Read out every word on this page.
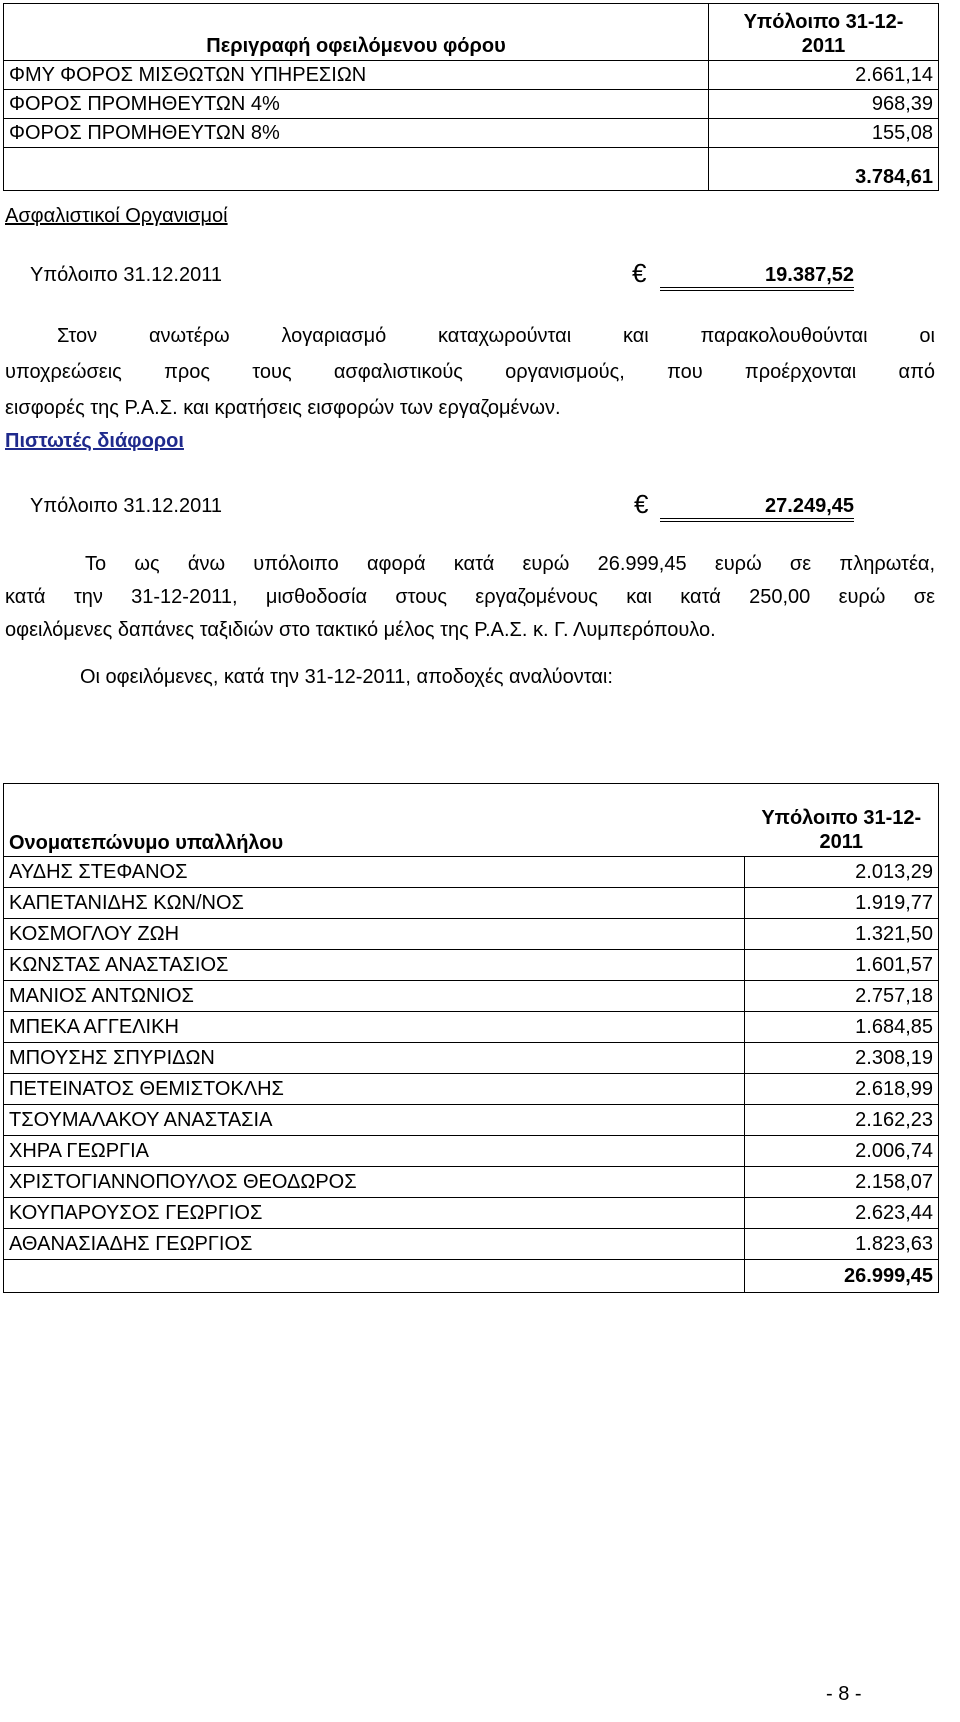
Περιγραφή οφειλόμενου φόρου	Υπόλοιπο 31-12-
2011
ΦΜΥ ΦΟΡΟΣ ΜΙΣΘΩΤΩΝ ΥΠΗΡΕΣΙΩΝ	2.661,14
ΦΟΡΟΣ ΠΡΟΜΗΘΕΥΤΩΝ 4%	968,39
ΦΟΡΟΣ ΠΡΟΜΗΘΕΥΤΩΝ 8%	155,08
	3.784,61
Ασφαλιστικοί Οργανισμοί
Υπόλοιπο 31.12.2011	€	19.387,52
Στον ανωτέρω λογαριασμό καταχωρούνται και παρακολουθούνται οι
υποχρεώσεις προς τους ασφαλιστικούς οργανισμούς, που προέρχονται από
εισφορές της Ρ.Α.Σ. και κρατήσεις εισφορών των εργαζομένων.
Πιστωτές διάφοροι
Υπόλοιπο 31.12.2011	€	27.249,45
Το ως άνω υπόλοιπο αφορά κατά ευρώ 26.999,45 ευρώ σε πληρωτέα,
κατά την 31-12-2011, μισθοδοσία στους εργαζομένους και κατά 250,00 ευρώ σε
οφειλόμενες δαπάνες ταξιδιών στο τακτικό μέλος της Ρ.Α.Σ. κ. Γ. Λυμπερόπουλο.
Οι οφειλόμενες, κατά την 31-12-2011, αποδοχές αναλύονται:
Ονοματεπώνυμο υπαλλήλου	Υπόλοιπο 31-12-
2011
ΑΥΔΗΣ ΣΤΕΦΑΝΟΣ	2.013,29
ΚΑΠΕΤΑΝΙΔΗΣ ΚΩΝ/ΝΟΣ	1.919,77
ΚΟΣΜΟΓΛΟΥ ΖΩΗ	1.321,50
ΚΩΝΣΤΑΣ ΑΝΑΣΤΑΣΙΟΣ	1.601,57
ΜΑΝΙΟΣ ΑΝΤΩΝΙΟΣ	2.757,18
ΜΠΕΚΑ ΑΓΓΕΛΙΚΗ	1.684,85
ΜΠΟΥΣΗΣ ΣΠΥΡΙΔΩΝ	2.308,19
ΠΕΤΕΙΝΑΤΟΣ ΘΕΜΙΣΤΟΚΛΗΣ	2.618,99
ΤΣΟΥΜΑΛΑΚΟΥ ΑΝΑΣΤΑΣΙΑ	2.162,23
ΧΗΡΑ ΓΕΩΡΓΙΑ	2.006,74
ΧΡΙΣΤΟΓΙΑΝΝΟΠΟΥΛΟΣ ΘΕΟΔΩΡΟΣ	2.158,07
ΚΟΥΠΑΡΟΥΣΟΣ ΓΕΩΡΓΙΟΣ	2.623,44
ΑΘΑΝΑΣΙΑΔΗΣ ΓΕΩΡΓΙΟΣ	1.823,63
	26.999,45
- 8 -
